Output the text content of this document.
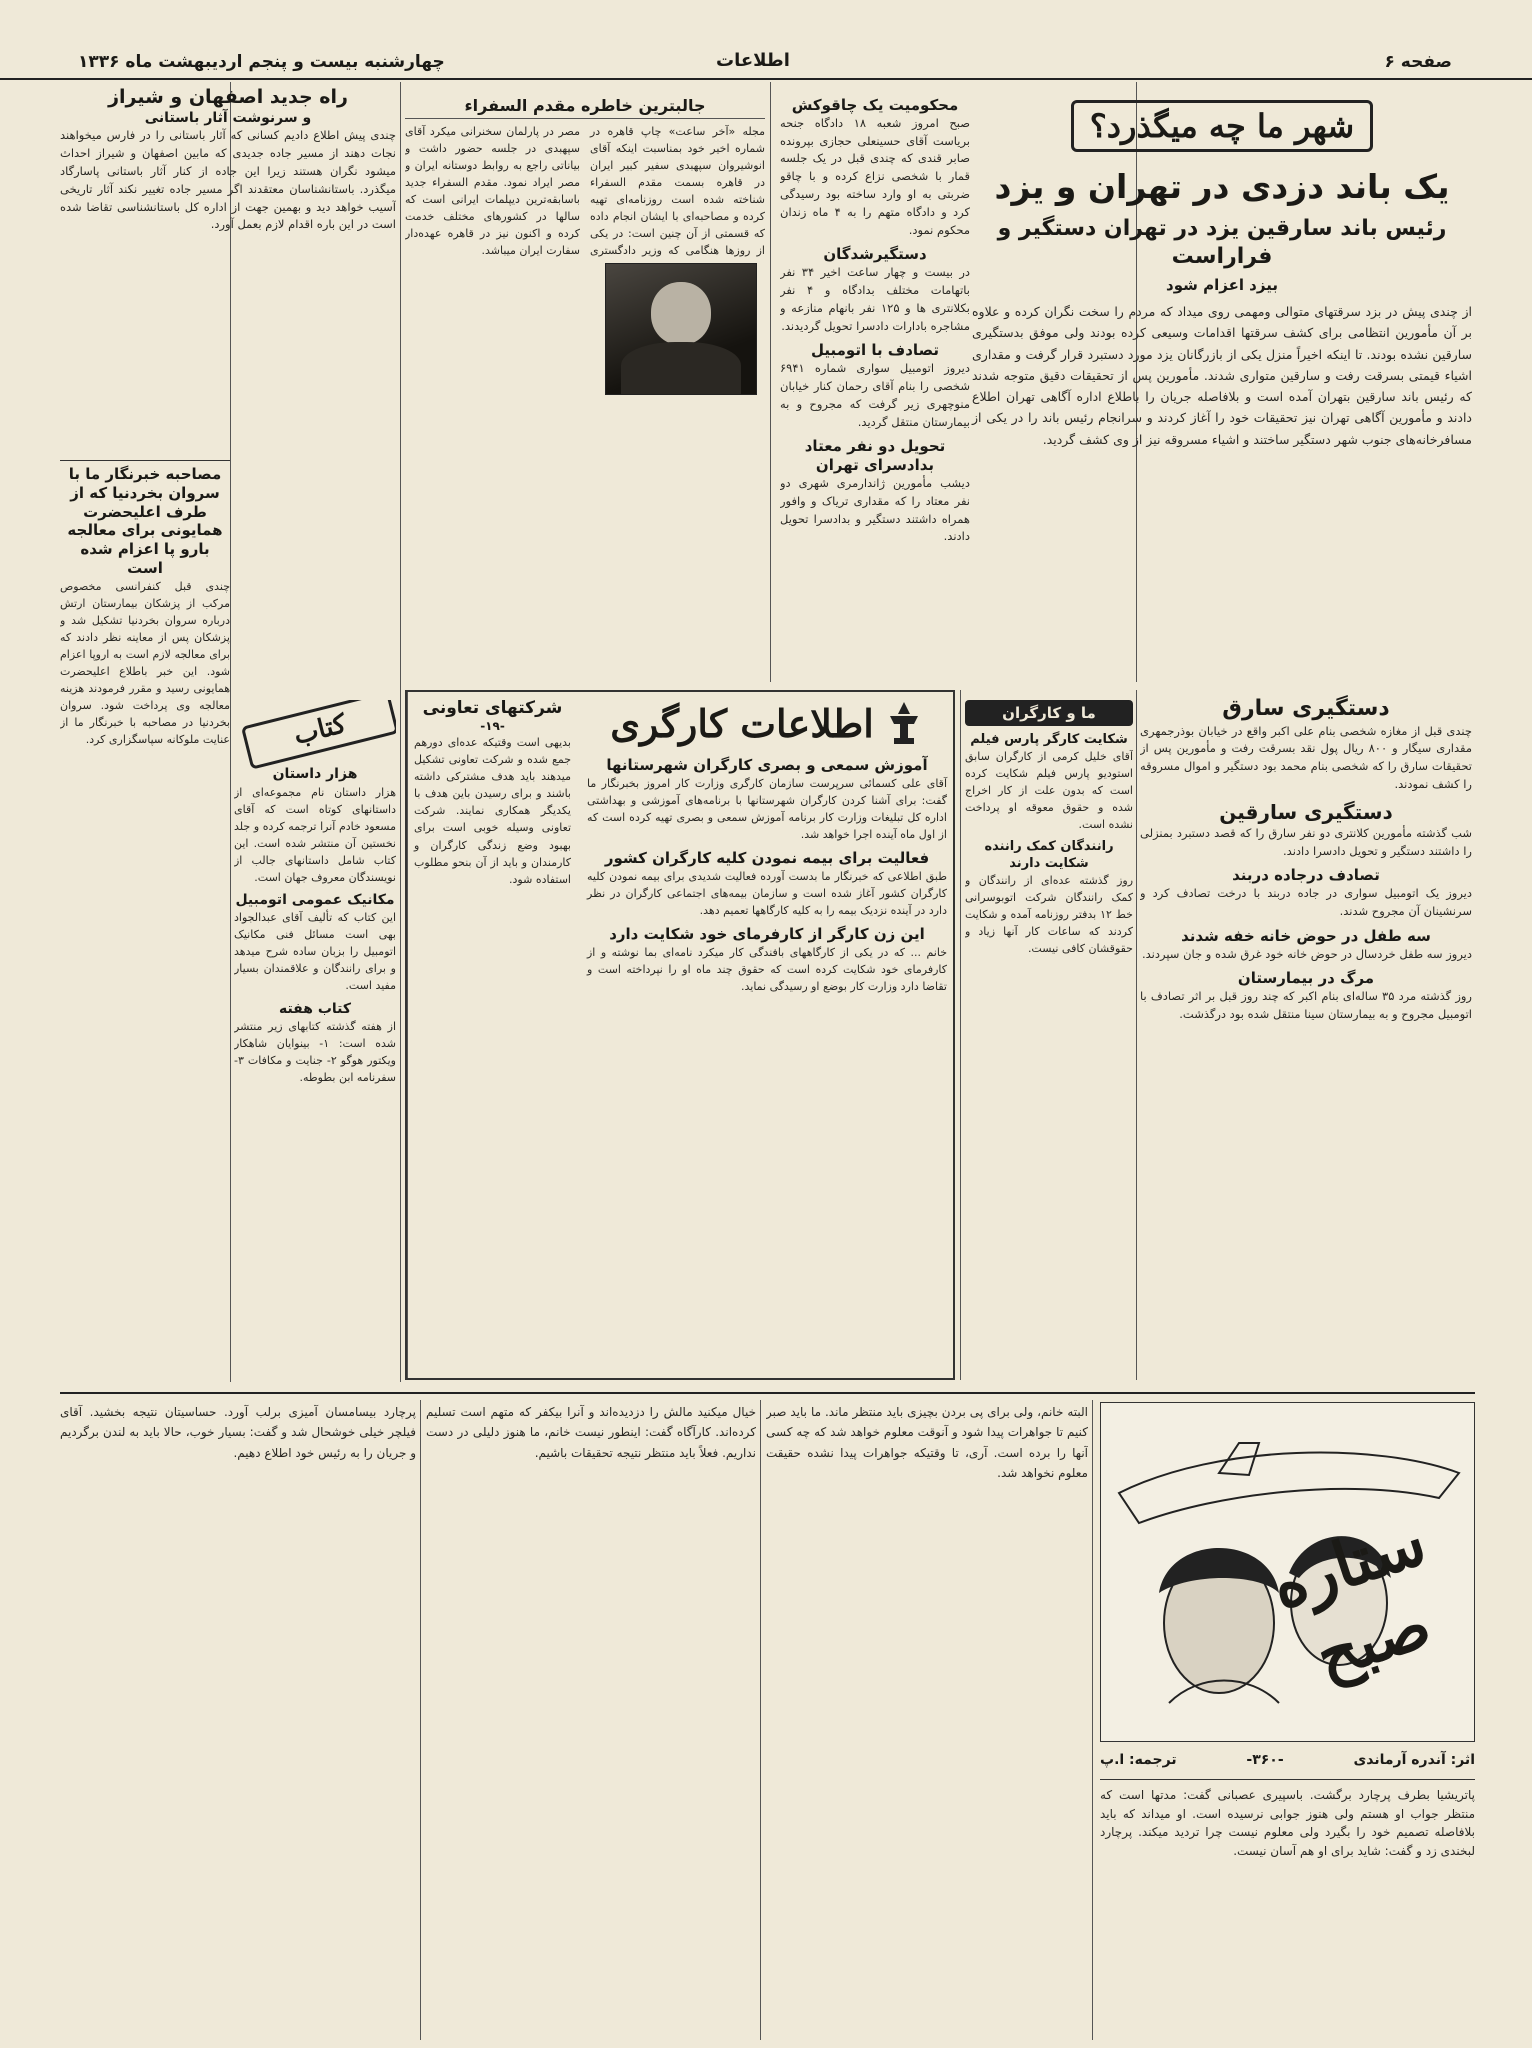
صفحه ۶
اطلاعات
چهارشنبه بیست و پنجم اردیبهشت ماه ۱۳۳۶
شهر ما چه میگذرد؟
یک باند دزدی در تهران و یزد
رئیس باند سارقین یزد در تهران دستگیر و فراراست
بیزد اعزام شود
از چندی پیش در بزد سرقتهای متوالی ومهمی روی میداد که مردم را سخت نگران کرده و علاوه بر آن مأمورین انتظامی برای کشف سرقتها اقدامات وسیعی کرده بودند ولی موفق بدستگیری سارقین نشده بودند. تا اینکه اخیراً منزل یکی از بازرگانان یزد مورد دستبرد قرار گرفت و مقداری اشیاء قیمتی بسرقت رفت و سارقین متواری شدند. مأمورین پس از تحقیقات دقیق متوجه شدند که رئیس باند سارقین بتهران آمده است و بلافاصله جریان را باطلاع اداره آگاهی تهران اطلاع دادند و مأمورین آگاهی تهران نیز تحقیقات خود را آغاز کردند و سرانجام رئیس باند را در یکی از مسافرخانه‌های جنوب شهر دستگیر ساختند و اشیاء مسروقه نیز از وی کشف گردید.
محکومیت یک چاقوکش
صبح امروز شعبه ۱۸ دادگاه جنحه بریاست آقای حسینعلی حجازی بپرونده صابر قندی که چندی قبل در یک جلسه قمار با شخصی نزاع کرده و با چاقو ضربتی به او وارد ساخته بود رسیدگی کرد و دادگاه متهم را به ۴ ماه زندان محکوم نمود.
دستگیرشدگان
در بیست و چهار ساعت اخیر ۳۴ نفر باتهامات مختلف بدادگاه و ۴ نفر بکلانتری ها و ۱۲۵ نفر بانهام منازعه و مشاجره بادارات دادسرا تحویل گردیدند.
تصادف با اتومبیل
دیروز اتومبیل سواری شماره ۶۹۴۱ شخصی را بنام آقای رحمان کنار خیابان منوچهری زیر گرفت که مجروح و به بیمارستان منتقل گردید.
تحویل دو نفر معتاد بدادسرای تهران
دیشب مأمورین ژاندارمری شهری دو نفر معتاد را که مقداری تریاک و وافور همراه داشتند دستگیر و بدادسرا تحویل دادند.
جالبترین خاطره مقدم السفراء
مجله «آخر ساعت» چاپ قاهره در شماره اخیر خود بمناسبت اینکه آقای انوشیروان سپهبدی سفیر کبیر ایران در قاهره بسمت مقدم السفراء شناخته شده است روزنامه‌ای تهیه کرده و مصاحبه‌ای با ایشان انجام داده که قسمتی از آن چنین است: در یکی از روزها هنگامی که وزیر دادگستری مصر در پارلمان سخنرانی میکرد آقای سپهبدی در جلسه حضور داشت و بیاناتی راجع به روابط دوستانه ایران و مصر ایراد نمود. مقدم السفراء جدید باسابقه‌ترین دیپلمات ایرانی است که سالها در کشورهای مختلف خدمت کرده و اکنون نیز در قاهره عهده‌دار سفارت ایران میباشد.
راه جدید اصفهان و شیراز
و سرنوشت آثار باستانی
چندی پیش اطلاع دادیم کسانی که آثار باستانی را در فارس میخواهند نجات دهند از مسیر جاده جدیدی که مابین اصفهان و شیراز احداث میشود نگران هستند زیرا این جاده از کنار آثار باستانی پاسارگاد میگذرد. باستانشناسان معتقدند اگر مسیر جاده تغییر نکند آثار تاریخی آسیب خواهد دید و بهمین جهت از اداره کل باستانشناسی تقاضا شده است در این باره اقدام لازم بعمل آورد.
مصاحبه خبرنگار ما با سروان بخردنیا که از طرف اعلیحضرت همایونی برای معالجه بارو پا اعزام شده است
چندی قبل کنفرانسی مخصوص مرکب از پزشکان بیمارستان ارتش درباره سروان بخردنیا تشکیل شد و پزشکان پس از معاینه نظر دادند که برای معالجه لازم است به اروپا اعزام شود. این خبر باطلاع اعلیحضرت همایونی رسید و مقرر فرمودند هزینه معالجه وی پرداخت شود. سروان بخردنیا در مصاحبه با خبرنگار ما از عنایت ملوکانه سپاسگزاری کرد.	کتاب
هزار داستان
هزار داستان نام مجموعه‌ای از داستانهای کوتاه است که آقای مسعود خادم آنرا ترجمه کرده و جلد نخستین آن منتشر شده است. این کتاب شامل داستانهای جالب از نویسندگان معروف جهان است.
مکانیک عمومی اتومبیل
این کتاب که تألیف آقای عبدالجواد بهی است مسائل فنی مکانیک اتومبیل را بزبان ساده شرح میدهد و برای رانندگان و علاقمندان بسیار مفید است.
کتاب هفته
از هفته گذشته کتابهای زیر منتشر شده است: ۱- بینوایان شاهکار ویکتور هوگو ۲- جنایت و مکافات ۳- سفرنامه ابن بطوطه.
شرکتهای تعاونی
-۱۹-
بدیهی است وقتیکه عده‌ای دورهم جمع شده و شرکت تعاونی تشکیل میدهند باید هدف مشترکی داشته باشند و برای رسیدن باین هدف با یکدیگر همکاری نمایند. شرکت تعاونی وسیله خوبی است برای بهبود وضع زندگی کارگران و کارمندان و باید از آن بنحو مطلوب استفاده شود.
اطلاعات کارگری
آموزش سمعی و بصری کارگران شهرستانها
آقای علی کسمائی سرپرست سازمان کارگری وزارت کار امروز بخبرنگار ما گفت: برای آشنا کردن کارگران شهرستانها با برنامه‌های آموزشی و بهداشتی اداره کل تبلیغات وزارت کار برنامه آموزش سمعی و بصری تهیه کرده است که از اول ماه آینده اجرا خواهد شد.
فعالیت برای بیمه نمودن کلیه کارگران کشور
طبق اطلاعی که خبرنگار ما بدست آورده فعالیت شدیدی برای بیمه نمودن کلیه کارگران کشور آغاز شده است و سازمان بیمه‌های اجتماعی کارگران در نظر دارد در آینده نزدیک بیمه را به کلیه کارگاهها تعمیم دهد.
این زن کارگر از کارفرمای خود شکایت دارد
خانم ... که در یکی از کارگاههای بافندگی کار میکرد نامه‌ای بما نوشته و از کارفرمای خود شکایت کرده است که حقوق چند ماه او را نپرداخته است و تقاضا دارد وزارت کار بوضع او رسیدگی نماید.
ما و کارگران
شکایت کارگر پارس فیلم
آقای خلیل کرمی از کارگران سابق استودیو پارس فیلم شکایت کرده است که بدون علت از کار اخراج شده و حقوق معوقه او پرداخت نشده است.
رانندگان کمک راننده شکایت دارند
روز گذشته عده‌ای از رانندگان و کمک رانندگان شرکت اتوبوسرانی خط ۱۲ بدفتر روزنامه آمده و شکایت کردند که ساعات کار آنها زیاد و حقوقشان کافی نیست.
دستگیری سارق
چندی قبل از مغازه شخصی بنام علی اکبر واقع در خیابان بوذرجمهری مقداری سیگار و ۸۰۰ ریال پول نقد بسرقت رفت و مأمورین پس از تحقیقات سارق را که شخصی بنام محمد بود دستگیر و اموال مسروقه را کشف نمودند.
دستگیری سارقین
شب گذشته مأمورین کلانتری دو نفر سارق را که قصد دستبرد بمنزلی را داشتند دستگیر و تحویل دادسرا دادند.
تصادف درجاده دربند
دیروز یک اتومبیل سواری در جاده دربند با درخت تصادف کرد و سرنشینان آن مجروح شدند.
سه طفل در حوض خانه خفه شدند
دیروز سه طفل خردسال در حوض خانه خود غرق شده و جان سپردند.
مرگ در بیمارستان
روز گذشته مرد ۳۵ ساله‌ای بنام اکبر که چند روز قبل بر اثر تصادف با اتومبیل مجروح و به بیمارستان سینا منتقل شده بود درگذشت.
ستاره صبح
اثر: آندره آرماندی
-۳۶۰-
ترجمه: ا.پ
پاتریشیا بطرف پرچارد برگشت. باسپیری عصبانی گفت: مدتها است که منتظر جواب او هستم ولی هنوز جوابی نرسیده است. او میداند که باید بلافاصله تصمیم خود را بگیرد ولی معلوم نیست چرا تردید میکند. پرچارد لبخندی زد و گفت: شاید برای او هم آسان نیست.
البته خانم، ولی برای پی بردن بچیزی باید منتظر ماند. ما باید صبر کنیم تا جواهرات پیدا شود و آنوقت معلوم خواهد شد که چه کسی آنها را برده است. آری، تا وقتیکه جواهرات پیدا نشده حقیقت معلوم نخواهد شد.
خیال میکنید مالش را دزدیده‌اند و آنرا بیکفر که متهم است تسلیم کرده‌اند. کارآگاه گفت: اینطور نیست خانم، ما هنوز دلیلی در دست نداریم. فعلاً باید منتظر نتیجه تحقیقات باشیم.
پرچارد بیسامسان آمیزی برلب آورد. حساسیتان نتیجه بخشید. آقای فیلچر خیلی خوشحال شد و گفت: بسیار خوب، حالا باید به لندن برگردیم و جریان را به رئیس خود اطلاع دهیم.
